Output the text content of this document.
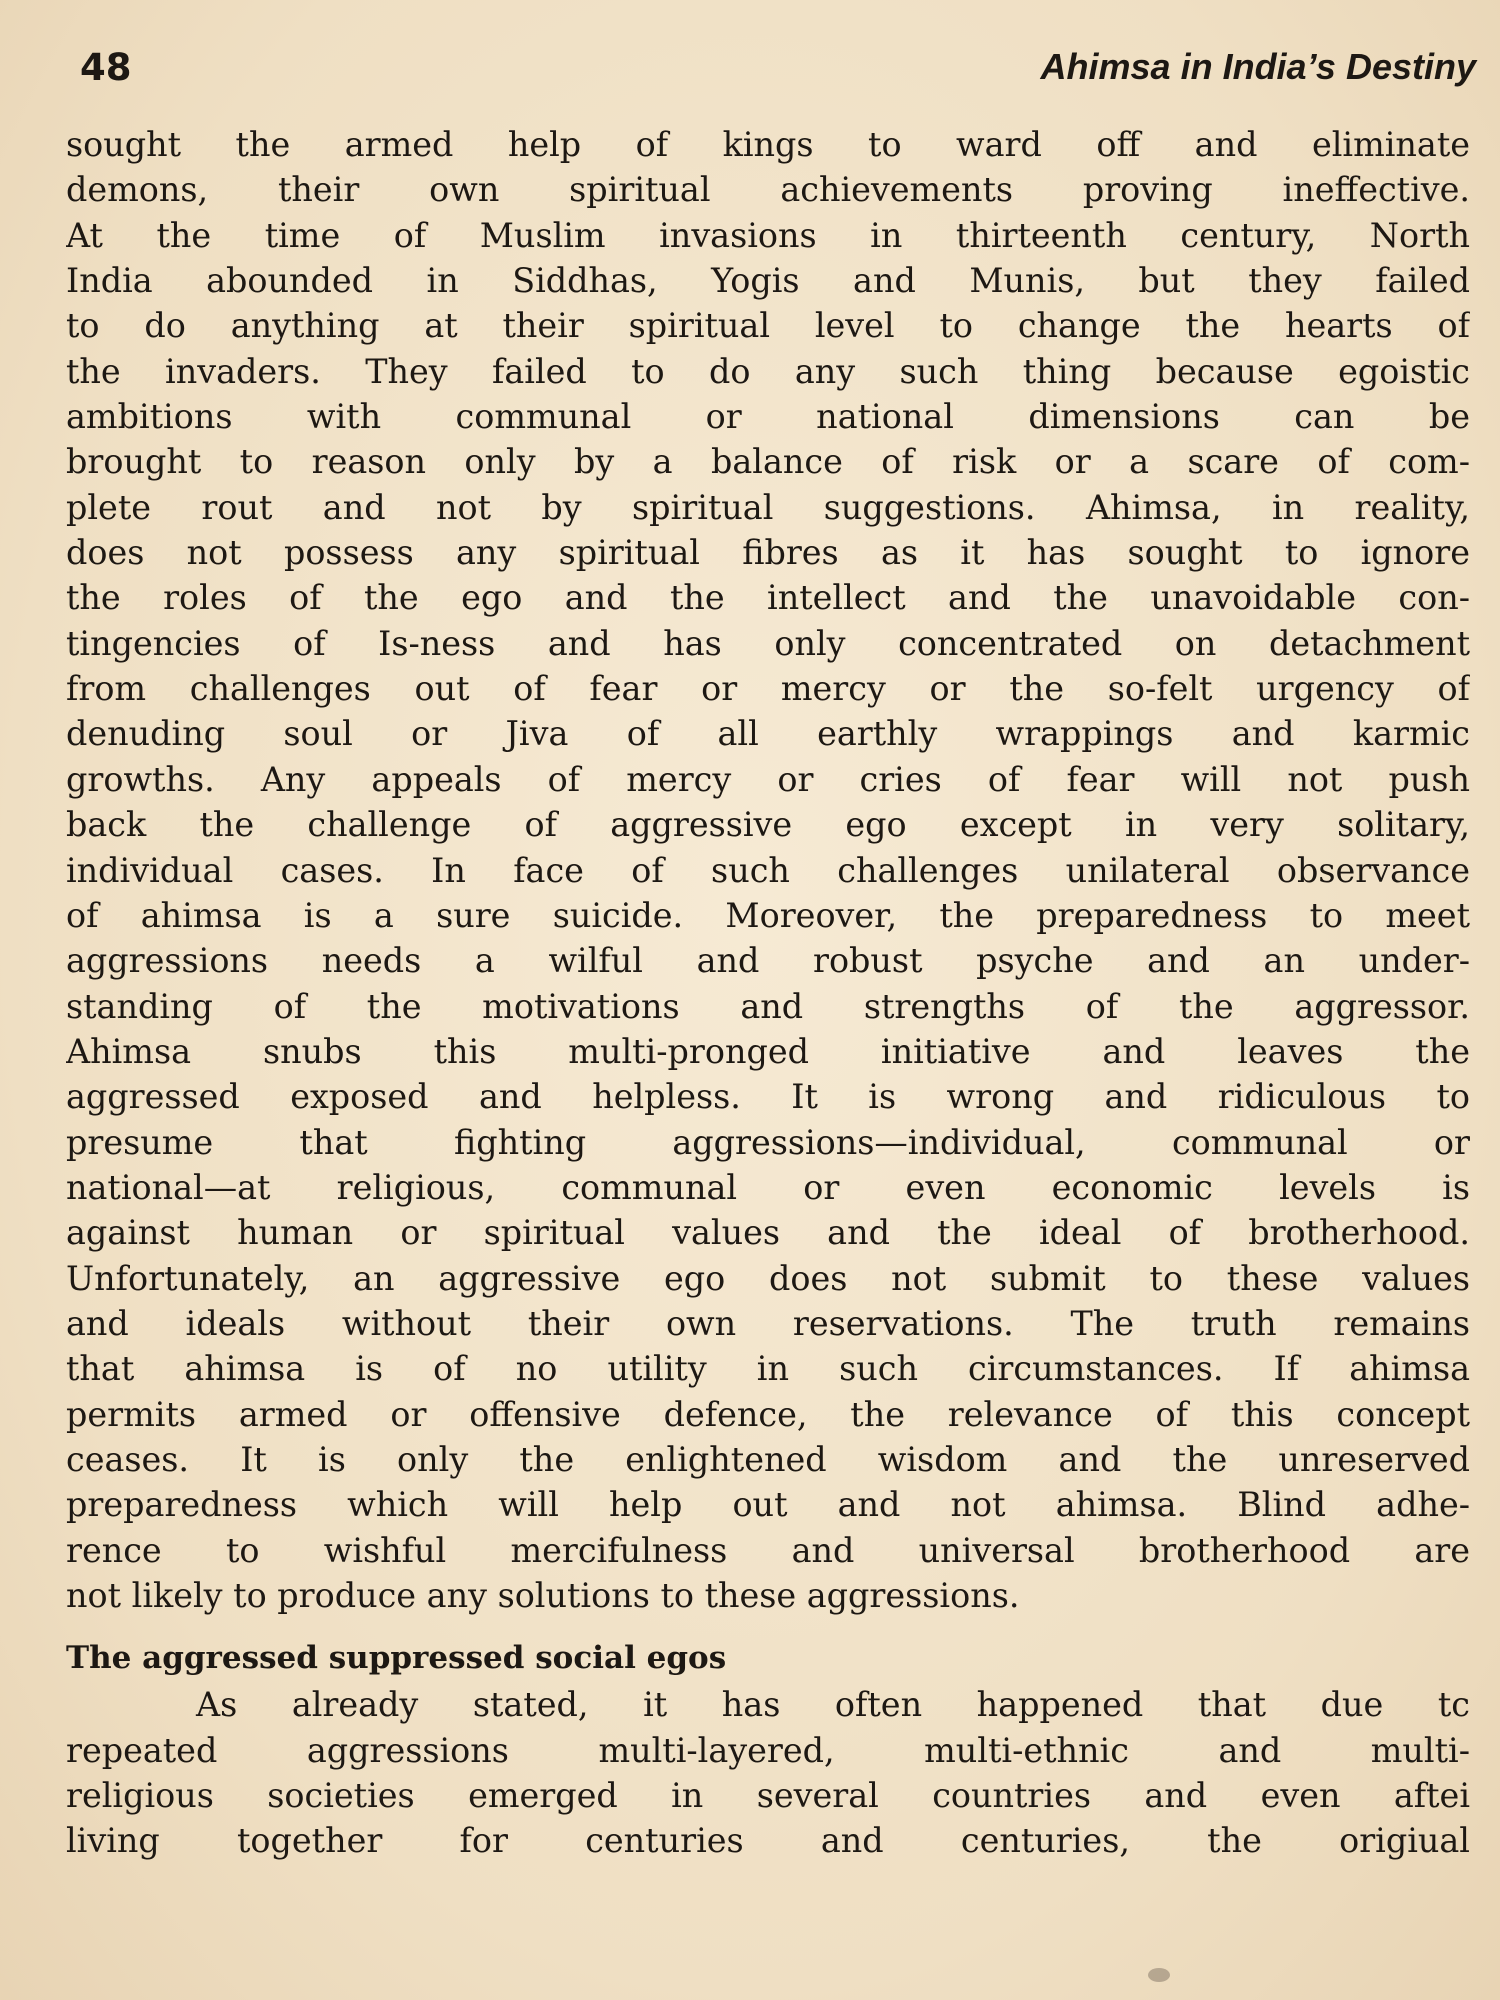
48	Ahimsa in India’s Destiny
sought the armed help of kings to ward off and eliminate
demons, their own spiritual achievements proving ineffective.
At the time of Muslim invasions in thirteenth century, North
India abounded in Siddhas, Yogis and Munis, but they failed
to do anything at their spiritual level to change the hearts of
the invaders. They failed to do any such thing because egoistic
ambitions with communal or national dimensions can be
brought to reason only by a balance of risk or a scare of com-
plete rout and not by spiritual suggestions. Ahimsa, in reality,
does not possess any spiritual fibres as it has sought to ignore
the roles of the ego and the intellect and the unavoidable con-
tingencies of Is-ness and has only concentrated on detachment
from challenges out of fear or mercy or the so-felt urgency of
denuding soul or Jiva of all earthly wrappings and karmic
growths. Any appeals of mercy or cries of fear will not push
back the challenge of aggressive ego except in very solitary,
individual cases. In face of such challenges unilateral observance
of ahimsa is a sure suicide. Moreover, the preparedness to meet
aggressions needs a wilful and robust psyche and an under-
standing of the motivations and strengths of the aggressor.
Ahimsa snubs this multi-pronged initiative and leaves the
aggressed exposed and helpless. It is wrong and ridiculous to
presume that fighting aggressions—individual, communal or
national—at religious, communal or even economic levels is
against human or spiritual values and the ideal of brotherhood.
Unfortunately, an aggressive ego does not submit to these values
and ideals without their own reservations. The truth remains
that ahimsa is of no utility in such circumstances. If ahimsa
permits armed or offensive defence, the relevance of this concept
ceases. It is only the enlightened wisdom and the unreserved
preparedness which will help out and not ahimsa. Blind adhe-
rence to wishful mercifulness and universal brotherhood are
not likely to produce any solutions to these aggressions.
The aggressed suppressed social egos
As already stated, it has often happened that due tc
repeated aggressions multi-layered, multi-ethnic and multi-
religious societies emerged in several countries and even aftei
living together for centuries and centuries, the origiual
